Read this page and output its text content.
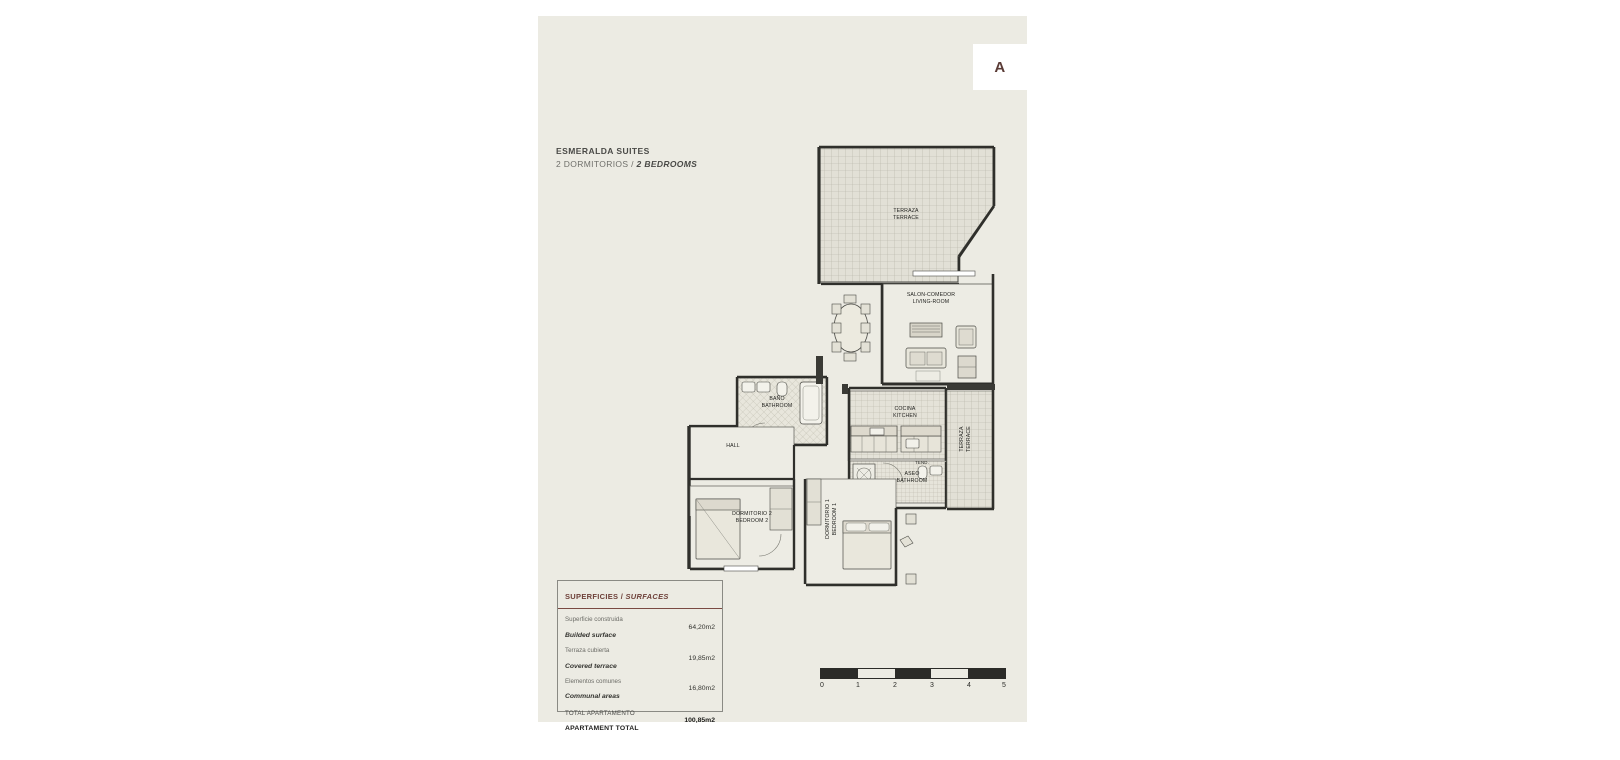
A
ESMERALDA SUITES
2 DORMITORIOS / 2 BEDROOMS
TERRAZA
TERRACE
SALON-COMEDOR
LIVING-ROOM
BAÑO
BATHROOM	COCINA
KITCHEN
TERRAZA
TERRACE
ASEO
BATHROOM
DORMITORIO 2
BEDROOM 2	DORMITORIO 1
BEDROOM 1
HALL
TEND.
SUPERFICIES / SURFACES
Superficie construida
Builded surface
64,20m2
Terraza cubierta
Covered terrace
19,85m2
Elementos comunes
Communal areas
16,80m2
TOTAL APARTAMENTO
APARTAMENT TOTAL
100,85m2
0	1	2	3	4	5
